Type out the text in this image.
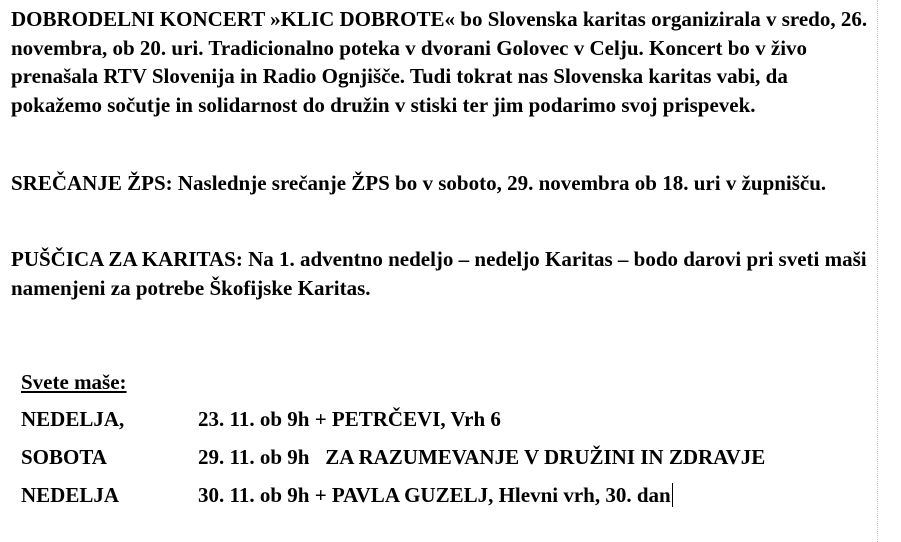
DOBRODELNI KONCERT »KLIC DOBROTE« bo Slovenska karitas organizirala v sredo, 26. novembra, ob 20. uri. Tradicionalno poteka v dvorani Golovec v Celju. Koncert bo v živo prenašala RTV Slovenija in Radio Ognjišče. Tudi tokrat nas Slovenska karitas vabi, da pokažemo sočutje in solidarnost do družin v stiski ter jim podarimo svoj prispevek.
SREČANJE ŽPS: Naslednje srečanje ŽPS bo v soboto, 29. novembra ob 18. uri v župnišču.
PUŠČICA ZA KARITAS: Na 1. adventno nedeljo – nedeljo Karitas – bodo darovi pri sveti maši namenjeni za potrebe Škofijske Karitas.
Svete maše:
NEDELJA,	23. 11. ob 9h + PETRČEVI, Vrh 6
SOBOTA	29. 11. ob 9h   ZA RAZUMEVANJE V DRUŽINI IN ZDRAVJE
NEDELJA	30. 11. ob 9h + PAVLA GUZELJ, Hlevni vrh, 30. dan
